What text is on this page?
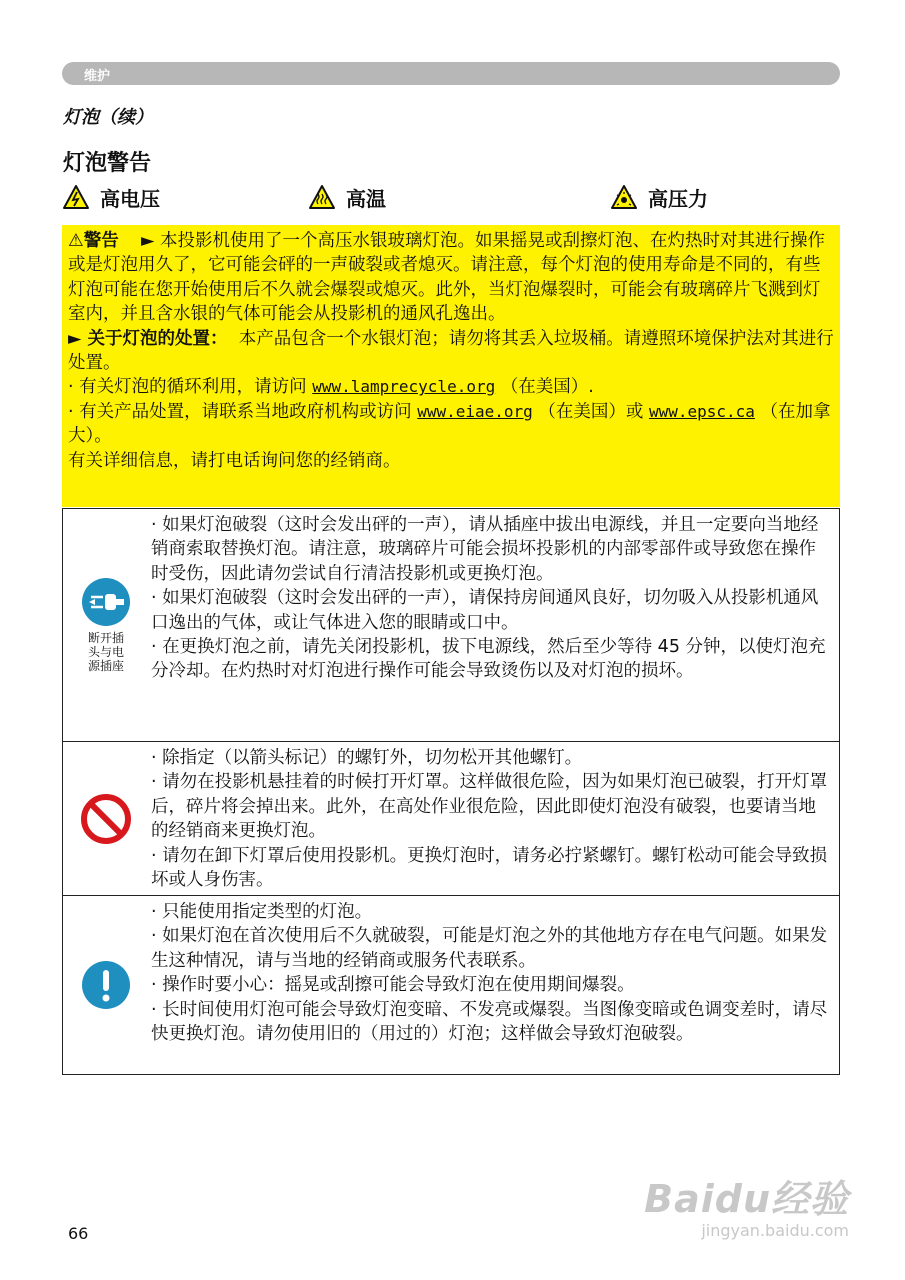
维护
灯泡（续）
灯泡警告
高电压	高温	高压力

⚠警告 ► 本投影机使用了一个高压水银玻璃灯泡。如果摇晃或刮擦灯泡、在灼热时对其进行操作或是灯泡用久了，它可能会砰的一声破裂或者熄灭。请注意，每个灯泡的使用寿命是不同的，有些灯泡可能在您开始使用后不久就会爆裂或熄灭。此外，当灯泡爆裂时，可能会有玻璃碎片飞溅到灯室内，并且含水银的气体可能会从投影机的通风孔逸出。

► 关于灯泡的处置： 本产品包含一个水银灯泡；请勿将其丢入垃圾桶。请遵照环境保护法对其进行处置。

· 有关灯泡的循环利用，请访问 www.lamprecycle.org （在美国）.

· 有关产品处置，请联系当地政府机构或访问 www.eiae.org （在美国）或 www.epsc.ca （在加拿大）。

有关详细信息，请打电话询问您的经销商。

断开插头与电源插座

· 如果灯泡破裂（这时会发出砰的一声），请从插座中拔出电源线，并且一定要向当地经销商索取替换灯泡。请注意，玻璃碎片可能会损坏投影机的内部零部件或导致您在操作时受伤，因此请勿尝试自行清洁投影机或更换灯泡。

· 如果灯泡破裂（这时会发出砰的一声），请保持房间通风良好，切勿吸入从投影机通风口逸出的气体，或让气体进入您的眼睛或口中。

· 在更换灯泡之前，请先关闭投影机，拔下电源线，然后至少等待 45 分钟，以使灯泡充分冷却。在灼热时对灯泡进行操作可能会导致烫伤以及对灯泡的损坏。

· 除指定（以箭头标记）的螺钉外，切勿松开其他螺钉。

· 请勿在投影机悬挂着的时候打开灯罩。这样做很危险，因为如果灯泡已破裂，打开灯罩后，碎片将会掉出来。此外，在高处作业很危险，因此即使灯泡没有破裂，也要请当地的经销商来更换灯泡。

· 请勿在卸下灯罩后使用投影机。更换灯泡时，请务必拧紧螺钉。螺钉松动可能会导致损坏或人身伤害。

· 只能使用指定类型的灯泡。

· 如果灯泡在首次使用后不久就破裂，可能是灯泡之外的其他地方存在电气问题。如果发生这种情况，请与当地的经销商或服务代表联系。

· 操作时要小心：摇晃或刮擦可能会导致灯泡在使用期间爆裂。

· 长时间使用灯泡可能会导致灯泡变暗、不发亮或爆裂。当图像变暗或色调变差时，请尽快更换灯泡。请勿使用旧的（用过的）灯泡；这样做会导致灯泡破裂。

66
Baidu经验
jingyan.baidu.com
